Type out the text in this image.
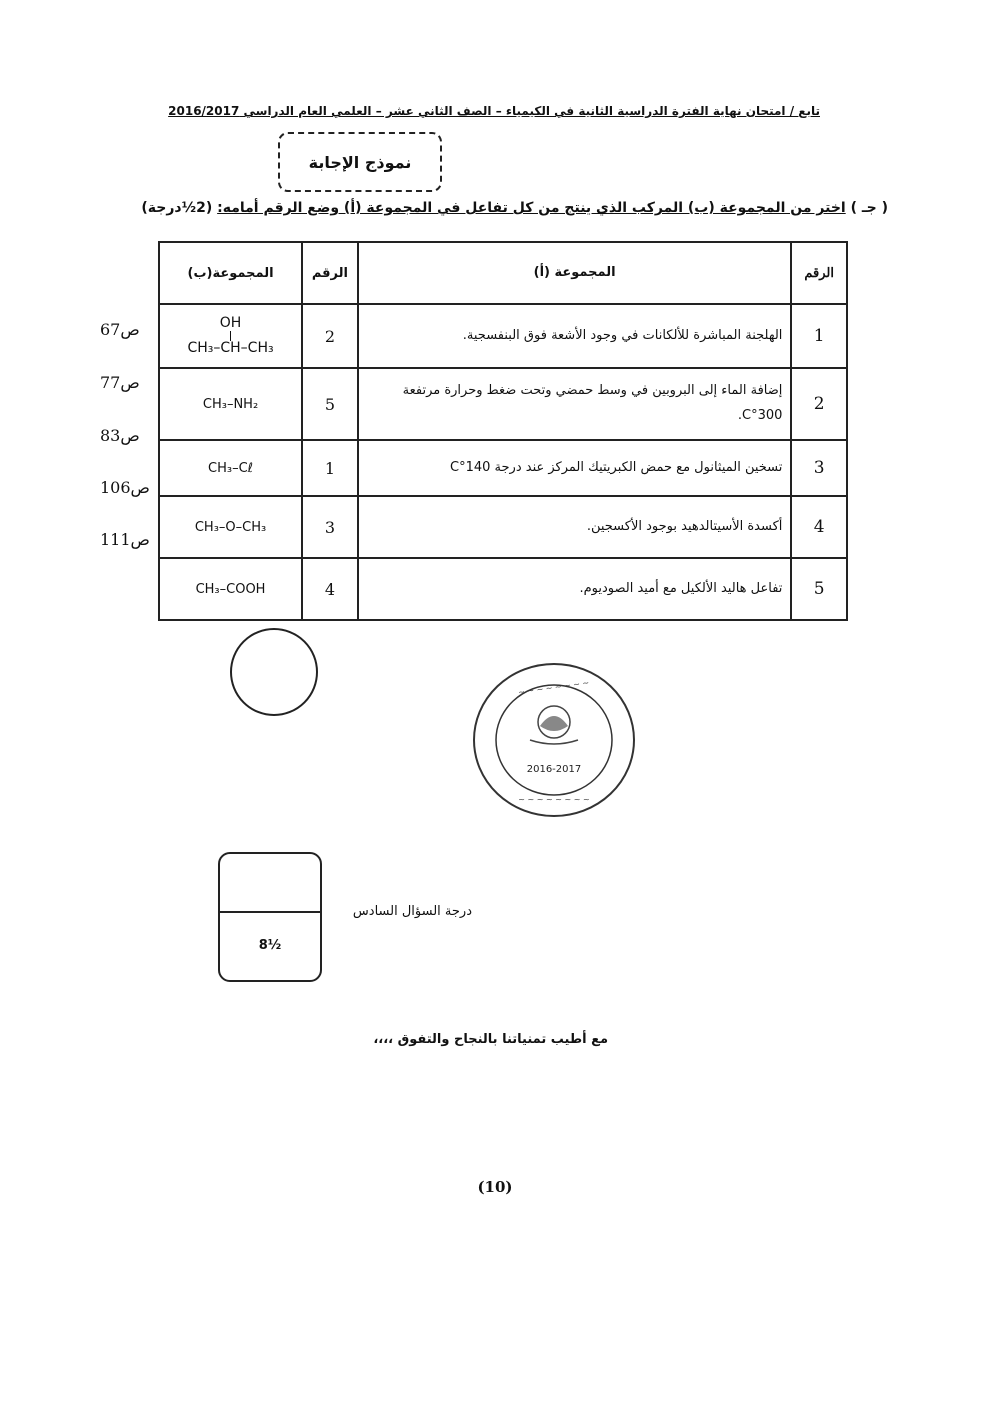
تابع / امتحان نهاية الفترة الدراسية الثانية في الكيمياء – الصف الثاني عشر – العلمي العام الدراسي 2016/2017
نموذج الإجابة
( جـ ) اختر من المجموعة (ب) المركب الذي ينتج من كل تفاعل في المجموعة (أ) وضع الرقم أمامه: (2½درجة)
الرقم	المجموعة (أ)	الرقم	المجموعة(ب)
1	الهلجنة المباشرة للألكانات في وجود الأشعة فوق البنفسجية.	2	OH
CH₃–CH–CH₃
2	إضافة الماء إلى البروبين في وسط حمضي وتحت ضغط وحرارة مرتفعة 300°C.	5	CH₃–NH₂
3	تسخين الميثانول مع حمض الكبريتيك المركز عند درجة 140°C	1	CH₃–Cℓ
4	أكسدة الأسيتالدهيد بوجود الأكسجين.	3	CH₃–O–CH₃
5	تفاعل هاليد الألكيل مع أميد الصوديوم.	4	CH₃–COOH
ص67
ص77
ص83
ص106
ص111
2016-2017
~ ~ ~ ~ ~ ~ ~ ~
~ ~ ~ ~ ~ ~ ~ ~
8½
درجة السؤال السادس
مع أطيب تمنياتنا بالنجاح والتفوق ،،،،
(10)
